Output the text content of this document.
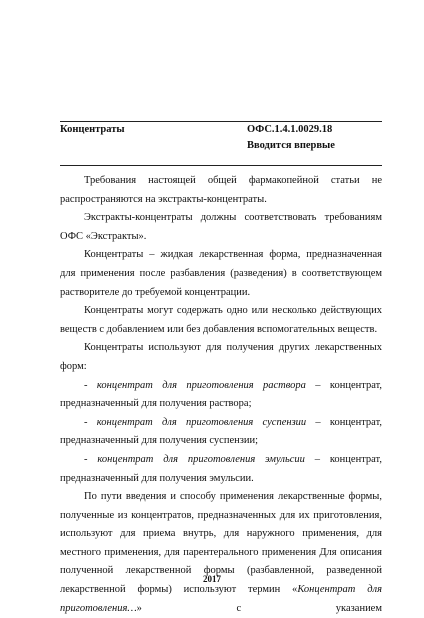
Концентраты	ОФС.1.4.1.0029.18
Вводится впервые

Требования настоящей общей фармакопейной статьи не распространяются на экстракты-концентраты.

Экстракты-концентраты должны соответствовать требованиям ОФС «Экстракты».

Концентраты – жидкая лекарственная форма, предназначенная для применения после разбавления (разведения) в соответствующем растворителе до требуемой концентрации.

Концентраты могут содержать одно или несколько действующих веществ с добавлением или без добавления вспомогательных веществ.

Концентраты используют для получения других лекарственных форм:

- концентрат для приготовления раствора – концентрат, предназначенный для получения раствора;

- концентрат для приготовления суспензии – концентрат, предназначенный для получения суспензии;

- концентрат для приготовления эмульсии – концентрат, предназначенный для получения эмульсии.

По пути введения и способу применения лекарственные формы, полученные из концентратов, предназначенных для их приготовления, используют для приема внутрь, для наружного применения, для местного применения, для парентерального применения Для описания полученной лекарственной формы (разбавленной, разведенной лекарственной формы) используют термин «Концентрат для приготовления…» с указанием

2017
